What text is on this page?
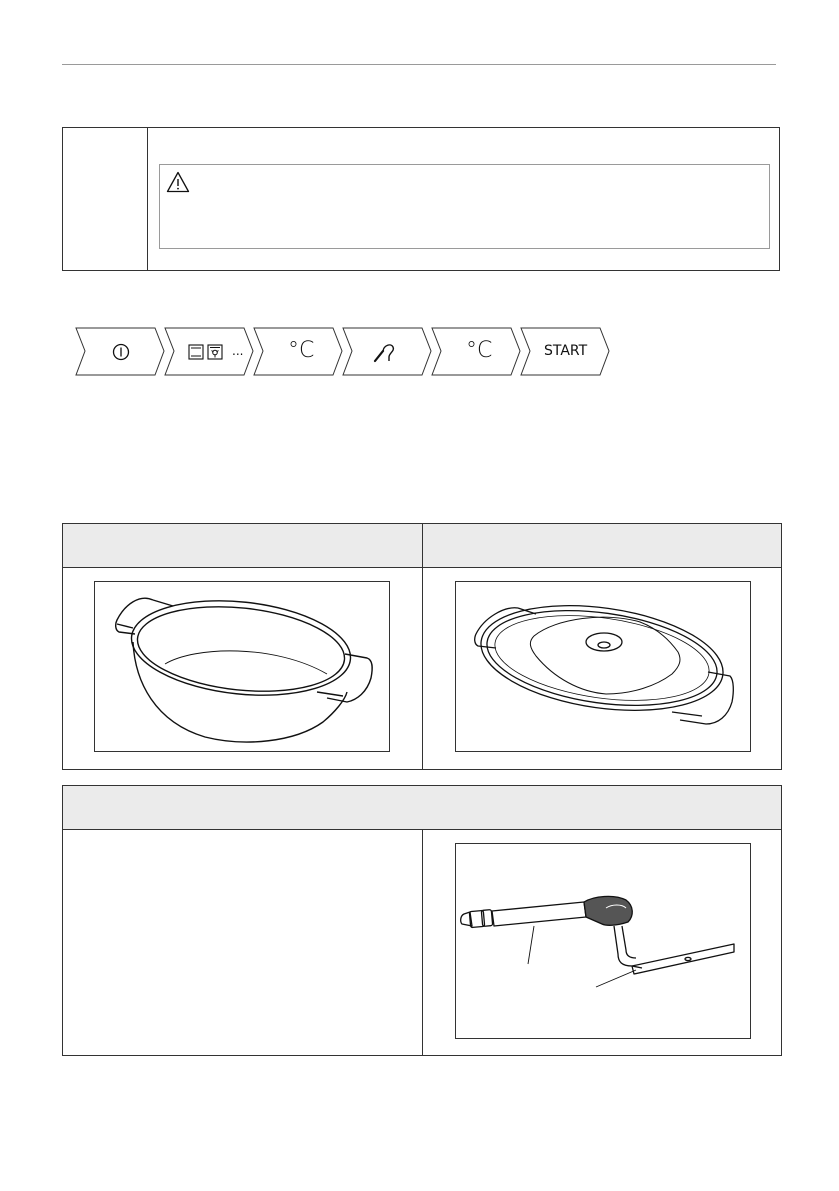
... °C	°C	START
